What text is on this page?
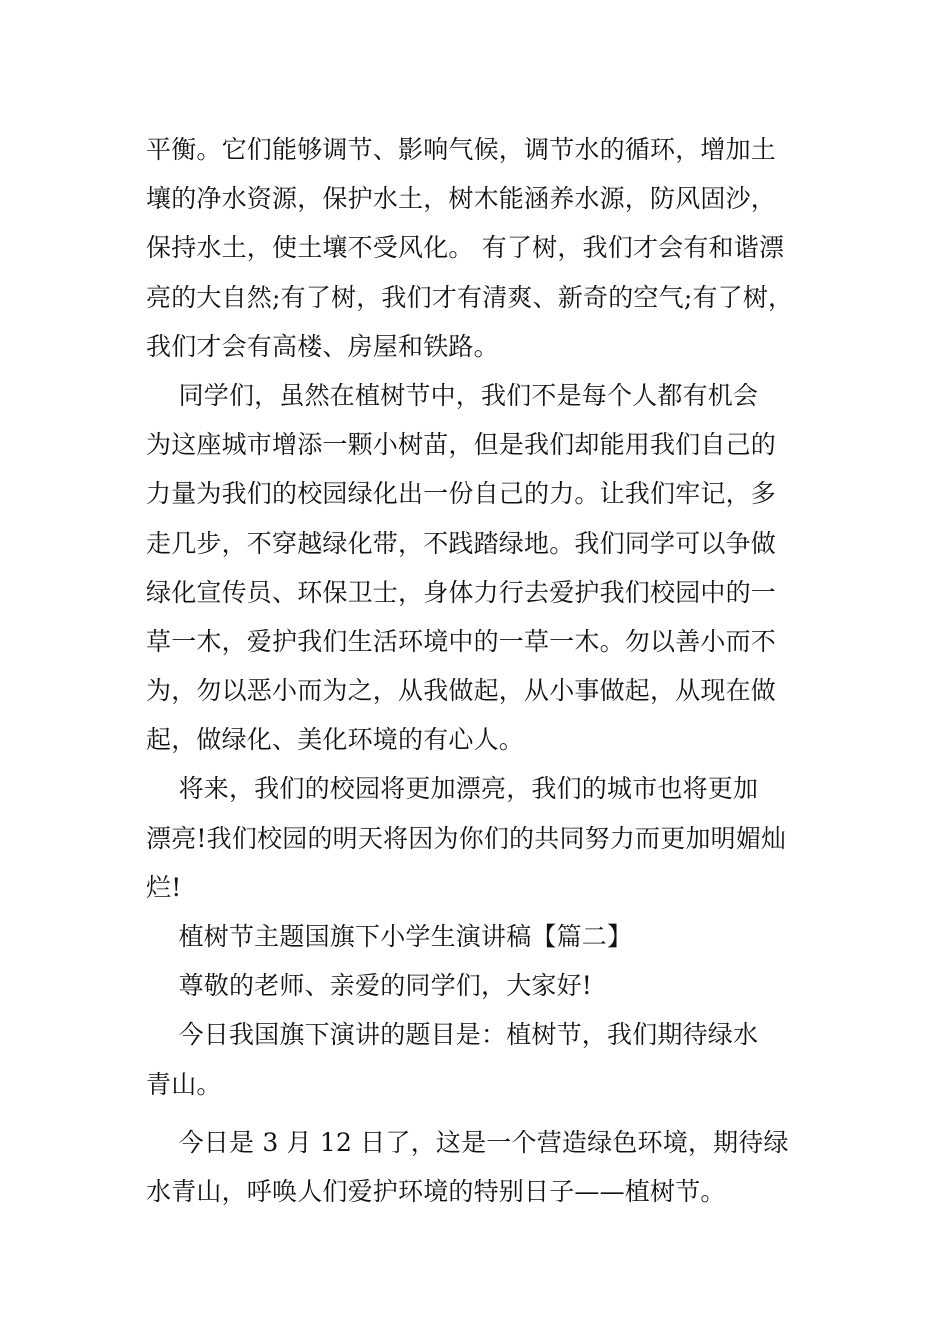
平衡。它们能够调节、影响气候，调节水的循环，增加土
壤的净水资源，保护水土，树木能涵养水源，防风固沙，
保持水土，使土壤不受风化。 有了树，我们才会有和谐漂
亮的大自然;有了树，我们才有清爽、新奇的空气;有了树，
我们才会有高楼、房屋和铁路。
同学们，虽然在植树节中，我们不是每个人都有机会
为这座城市增添一颗小树苗，但是我们却能用我们自己的
力量为我们的校园绿化出一份自己的力。让我们牢记，多
走几步，不穿越绿化带，不践踏绿地。我们同学可以争做
绿化宣传员、环保卫士，身体力行去爱护我们校园中的一
草一木，爱护我们生活环境中的一草一木。勿以善小而不
为，勿以恶小而为之，从我做起，从小事做起，从现在做
起，做绿化、美化环境的有心人。
将来，我们的校园将更加漂亮，我们的城市也将更加
漂亮!我们校园的明天将因为你们的共同努力而更加明媚灿
烂!
植树节主题国旗下小学生演讲稿【篇二】
尊敬的老师、亲爱的同学们，大家好!
今日我国旗下演讲的题目是：植树节，我们期待绿水
青山。
今日是 3 月 12 日了，这是一个营造绿色环境，期待绿
水青山，呼唤人们爱护环境的特别日子——植树节。
